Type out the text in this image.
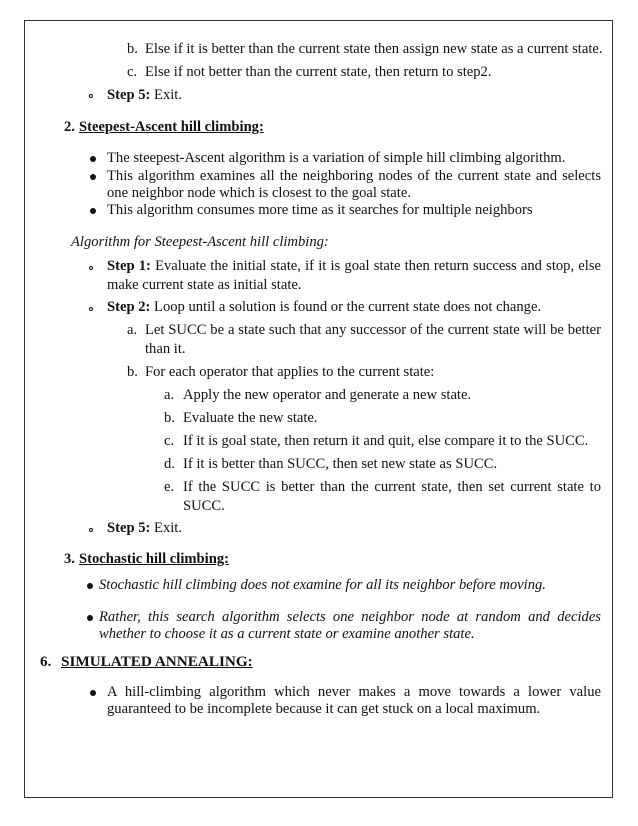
b. Else if it is better than the current state then assign new state as a current state.
c. Else if not better than the current state, then return to step2.
Step 5: Exit.
2. Steepest-Ascent hill climbing:
The steepest-Ascent algorithm is a variation of simple hill climbing algorithm.
This algorithm examines all the neighboring nodes of the current state and selects
one neighbor node which is closest to the goal state.
This algorithm consumes more time as it searches for multiple neighbors
Algorithm for Steepest-Ascent hill climbing:
Step 1: Evaluate the initial state, if it is goal state then return success and stop, else
make current state as initial state.
Step 2: Loop until a solution is found or the current state does not change.
a. Let SUCC be a state such that any successor of the current state will be better
than it.
b. For each operator that applies to the current state:
a. Apply the new operator and generate a new state.
b. Evaluate the new state.
c. If it is goal state, then return it and quit, else compare it to the SUCC.
d. If it is better than SUCC, then set new state as SUCC.
e. If the SUCC is better than the current state, then set current state to
SUCC.
Step 5: Exit.
3. Stochastic hill climbing:
Stochastic hill climbing does not examine for all its neighbor before moving.
Rather, this search algorithm selects one neighbor node at random and decides
whether to choose it as a current state or examine another state.
6. SIMULATED ANNEALING:
A hill-climbing algorithm which never makes a move towards a lower value
guaranteed to be incomplete because it can get stuck on a local maximum.
